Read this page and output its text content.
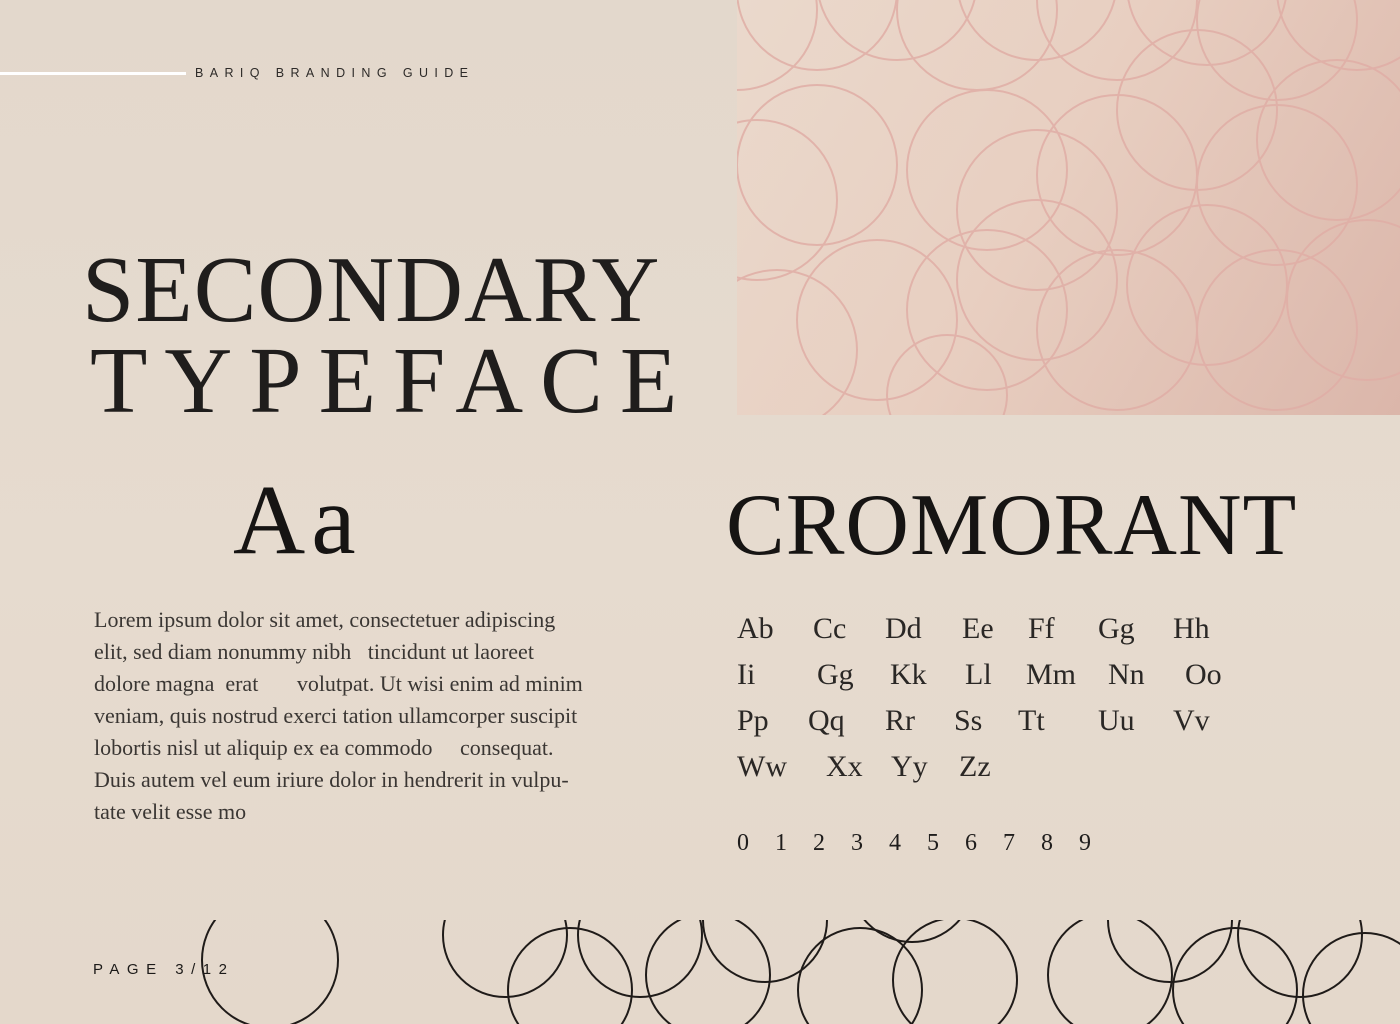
BARIQ BRANDING GUIDE
SECONDARY
TYPEFACE
Aa	CROMORANT
Lorem ipsum dolor sit amet, consectetuer adipiscing
elit, sed diam nonummy nibh   tincidunt ut laoreet
dolore magna  erat       volutpat. Ut wisi enim ad minim
veniam, quis nostrud exerci tation ullamcorper suscipit
lobortis nisl ut aliquip ex ea commodo     consequat.
Duis autem vel eum iriure dolor in hendrerit in vulpu-
tate velit esse mo
Ab Cc Dd Ee Ff Gg Hh
Ii Gg Kk Ll Mm Nn Oo
Pp Qq Rr Ss Tt Uu Vv
Ww Xx Yy Zz
0 1 2 3 4 5 6 7 8 9
PAGE 3/12
